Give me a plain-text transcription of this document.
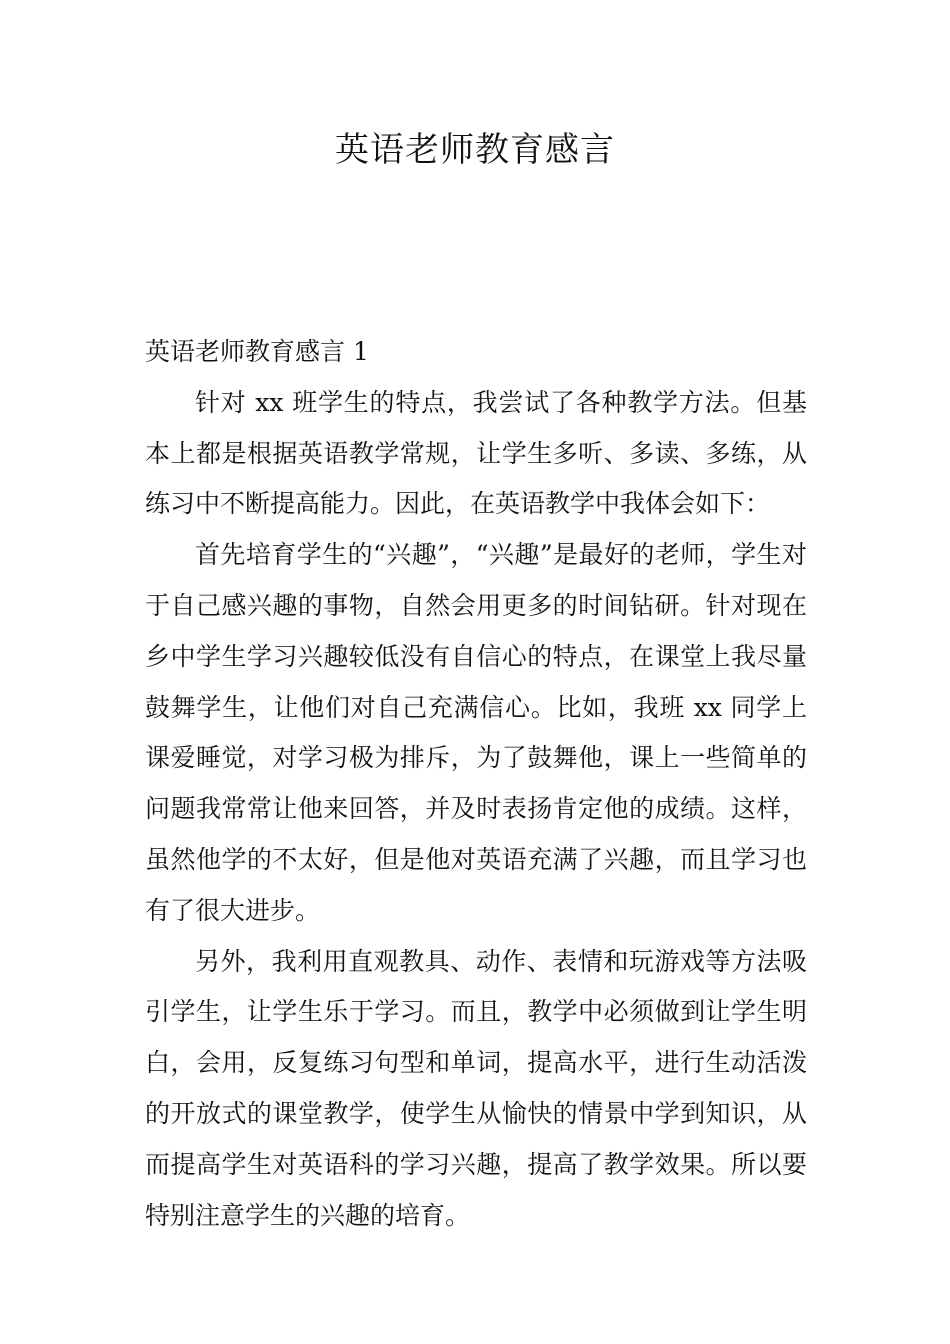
英语老师教育感言
英语老师教育感言 1

针对 xx 班学生的特点，我尝试了各种教学方法。但基本上都是根据英语教学常规，让学生多听、多读、多练，从练习中不断提高能力。因此，在英语教学中我体会如下：

首先培育学生的“兴趣”，“兴趣”是最好的老师，学生对于自己感兴趣的事物，自然会用更多的时间钻研。针对现在乡中学生学习兴趣较低没有自信心的特点，在课堂上我尽量鼓舞学生，让他们对自己充满信心。比如，我班 xx 同学上课爱睡觉，对学习极为排斥，为了鼓舞他，课上一些简单的问题我常常让他来回答，并及时表扬肯定他的成绩。这样，虽然他学的不太好，但是他对英语充满了兴趣，而且学习也有了很大进步。

另外，我利用直观教具、动作、表情和玩游戏等方法吸引学生，让学生乐于学习。而且，教学中必须做到让学生明白，会用，反复练习句型和单词，提高水平，进行生动活泼的开放式的课堂教学，使学生从愉快的情景中学到知识，从而提高学生对英语科的学习兴趣，提高了教学效果。所以要特别注意学生的兴趣的培育。
